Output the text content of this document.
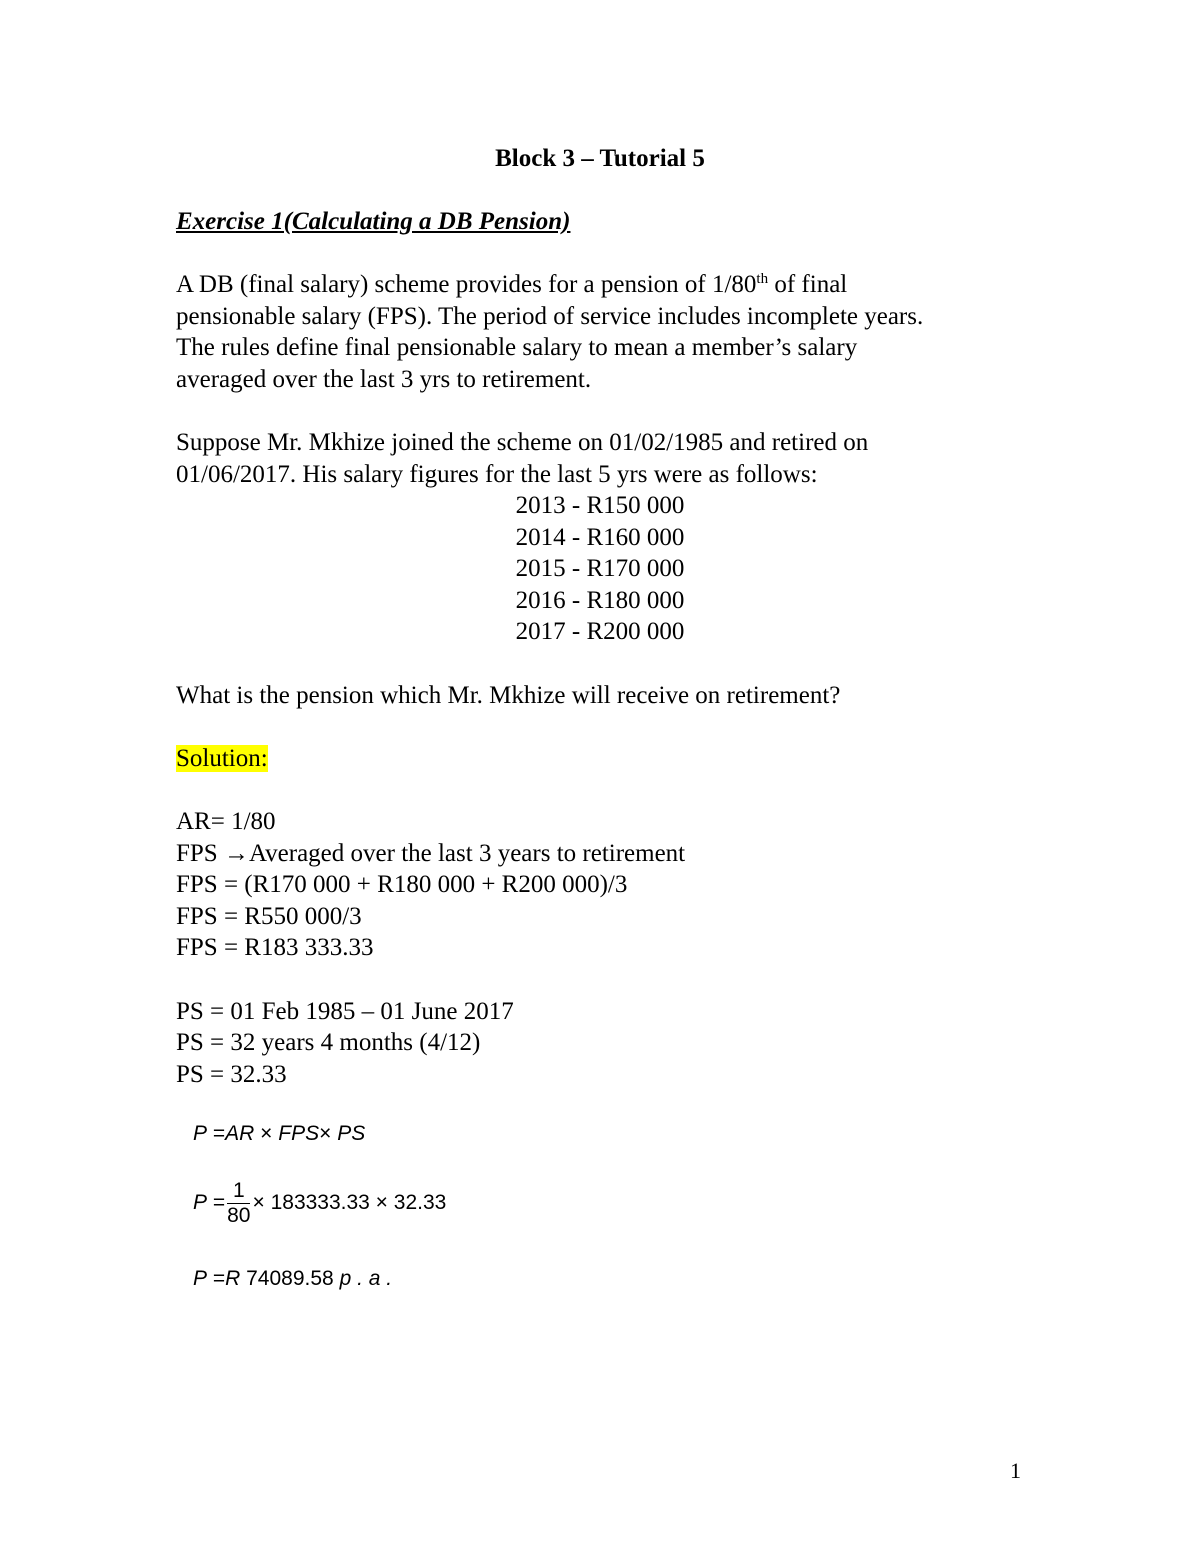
Block 3 – Tutorial 5
Exercise 1(Calculating a DB Pension)
A DB (final salary) scheme provides for a pension of 1/80th of final
pensionable salary (FPS). The period of service includes incomplete years.
The rules define final pensionable salary to mean a member’s salary
averaged over the last 3 yrs to retirement.
Suppose Mr. Mkhize joined the scheme on 01/02/1985 and retired on
01/06/2017. His salary figures for the last 5 yrs were as follows:
2013 - R150 000
2014 - R160 000
2015 - R170 000
2016 - R180 000
2017 - R200 000
What is the pension which Mr. Mkhize will receive on retirement?
Solution:
AR= 1/80
FPS →Averaged over the last 3 years to retirement
FPS = (R170 000 + R180 000 + R200 000)/3
FPS = R550 000/3
FPS = R183 333.33
PS = 01 Feb 1985 – 01 June 2017
PS = 32 years 4 months (4/12)
PS = 32.33
P =AR × FPS× PS
$P = \frac{1}{80} \times 183333.33 \times 32.33$
P =R 74089.58 p . a .
1
